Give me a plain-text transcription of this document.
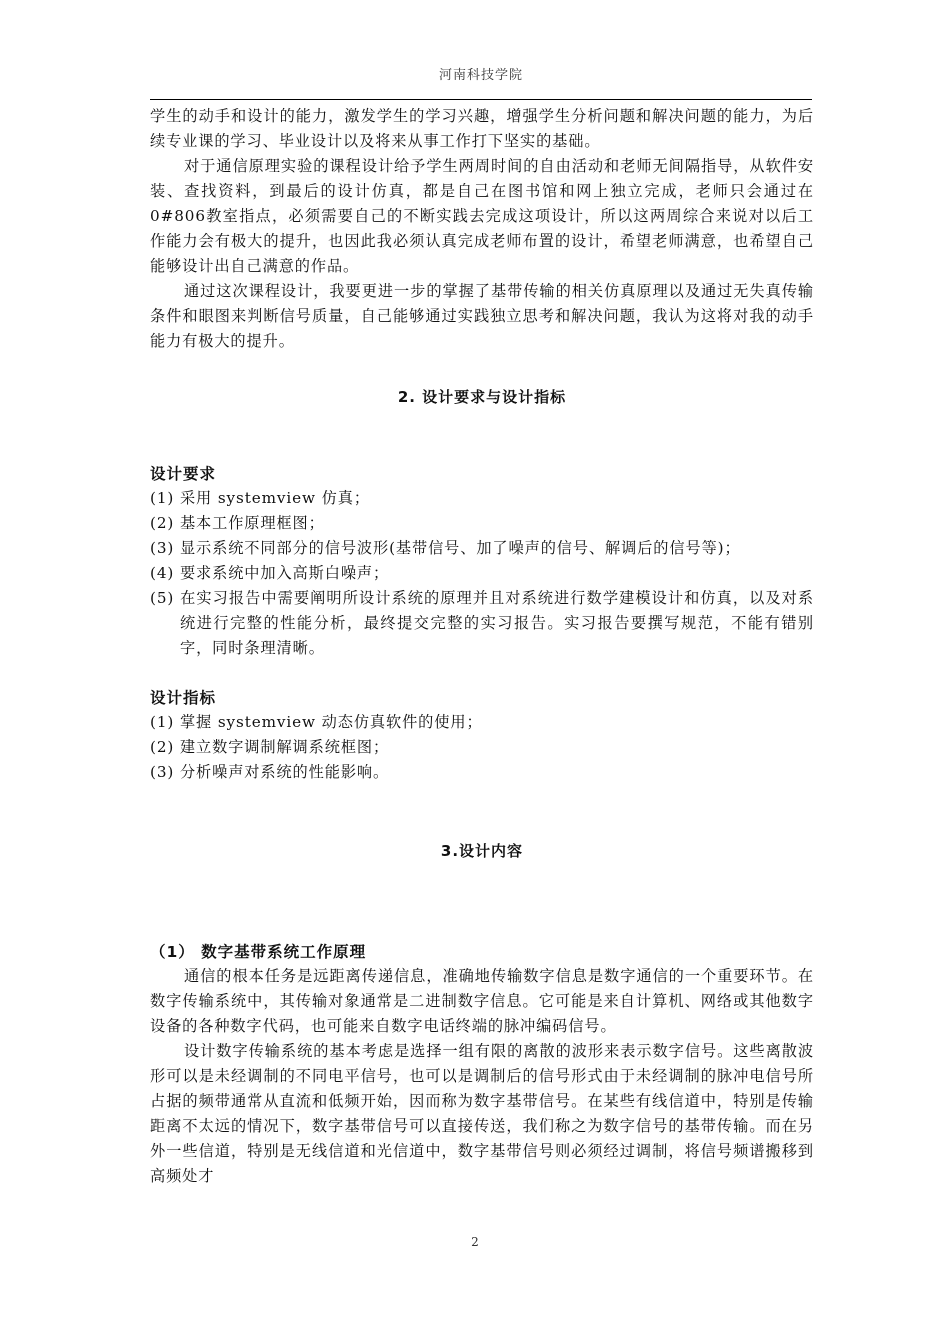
河南科技学院

学生的动手和设计的能力，激发学生的学习兴趣，增强学生分析问题和解决问题的能力，为后续专业课的学习、毕业设计以及将来从事工作打下坚实的基础。

对于通信原理实验的课程设计给予学生两周时间的自由活动和老师无间隔指导，从软件安装、查找资料，到最后的设计仿真，都是自己在图书馆和网上独立完成，老师只会通过在0#806教室指点，必须需要自己的不断实践去完成这项设计，所以这两周综合来说对以后工作能力会有极大的提升，也因此我必须认真完成老师布置的设计，希望老师满意，也希望自己能够设计出自己满意的作品。

通过这次课程设计，我要更进一步的掌握了基带传输的相关仿真原理以及通过无失真传输条件和眼图来判断信号质量，自己能够通过实践独立思考和解决问题，我认为这将对我的动手能力有极大的提升。

2. 设计要求与设计指标
设计要求

(1) 采用 systemview 仿真；

(2) 基本工作原理框图；

(3) 显示系统不同部分的信号波形(基带信号、加了噪声的信号、解调后的信号等)；

(4) 要求系统中加入高斯白噪声；

(5) 在实习报告中需要阐明所设计系统的原理并且对系统进行数学建模设计和仿真，以及对系统进行完整的性能分析，最终提交完整的实习报告。实习报告要撰写规范，不能有错别字，同时条理清晰。

设计指标

(1) 掌握 systemview 动态仿真软件的使用；

(2) 建立数字调制解调系统框图；

(3) 分析噪声对系统的性能影响。

3.设计内容
（1） 数字基带系统工作原理

通信的根本任务是远距离传递信息，准确地传输数字信息是数字通信的一个重要环节。在数字传输系统中，其传输对象通常是二进制数字信息。它可能是来自计算机、网络或其他数字设备的各种数字代码，也可能来自数字电话终端的脉冲编码信号。

设计数字传输系统的基本考虑是选择一组有限的离散的波形来表示数字信号。这些离散波形可以是未经调制的不同电平信号，也可以是调制后的信号形式由于未经调制的脉冲电信号所占据的频带通常从直流和低频开始，因而称为数字基带信号。在某些有线信道中，特别是传输距离不太远的情况下，数字基带信号可以直接传送，我们称之为数字信号的基带传输。而在另外一些信道，特别是无线信道和光信道中，数字基带信号则必须经过调制，将信号频谱搬移到高频处才

2
